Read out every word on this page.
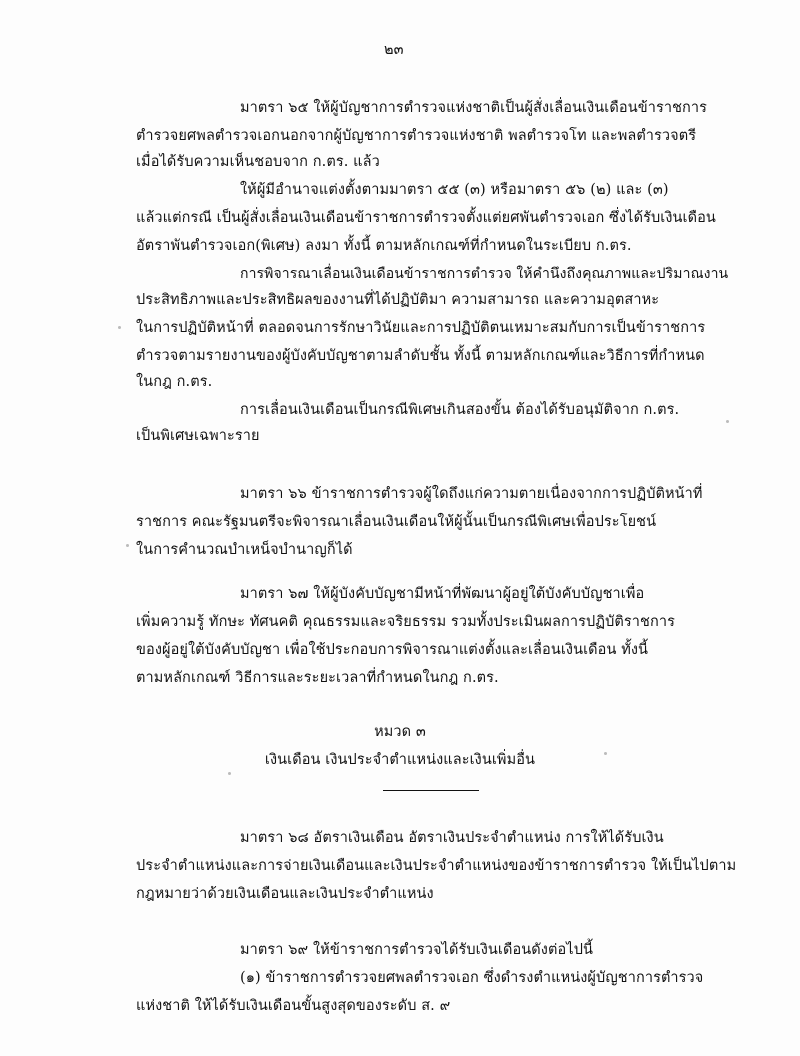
๒๓
มาตรา ๖๕ ให้ผู้บัญชาการตำรวจแห่งชาติเป็นผู้สั่งเลื่อนเงินเดือนข้าราชการ
ตำรวจยศพลตำรวจเอกนอกจากผู้บัญชาการตำรวจแห่งชาติ พลตำรวจโท และพลตำรวจตรี
เมื่อได้รับความเห็นชอบจาก ก.ตร. แล้ว
ให้ผู้มีอำนาจแต่งตั้งตามมาตรา ๕๕ (๓) หรือมาตรา ๕๖ (๒) และ (๓)
แล้วแต่กรณี เป็นผู้สั่งเลื่อนเงินเดือนข้าราชการตำรวจตั้งแต่ยศพันตำรวจเอก ซึ่งได้รับเงินเดือน
อัตราพันตำรวจเอก(พิเศษ) ลงมา ทั้งนี้ ตามหลักเกณฑ์ที่กำหนดในระเบียบ ก.ตร.
การพิจารณาเลื่อนเงินเดือนข้าราชการตำรวจ ให้คำนึงถึงคุณภาพและปริมาณงาน
ประสิทธิภาพและประสิทธิผลของงานที่ได้ปฏิบัติมา ความสามารถ และความอุตสาหะ
ในการปฏิบัติหน้าที่ ตลอดจนการรักษาวินัยและการปฏิบัติตนเหมาะสมกับการเป็นข้าราชการ
ตำรวจตามรายงานของผู้บังคับบัญชาตามลำดับชั้น ทั้งนี้ ตามหลักเกณฑ์และวิธีการที่กำหนด
ในกฎ ก.ตร.
การเลื่อนเงินเดือนเป็นกรณีพิเศษเกินสองขั้น ต้องได้รับอนุมัติจาก ก.ตร.
เป็นพิเศษเฉพาะราย
มาตรา ๖๖ ข้าราชการตำรวจผู้ใดถึงแก่ความตายเนื่องจากการปฏิบัติหน้าที่
ราชการ คณะรัฐมนตรีจะพิจารณาเลื่อนเงินเดือนให้ผู้นั้นเป็นกรณีพิเศษเพื่อประโยชน์
ในการคำนวณบำเหน็จบำนาญก็ได้
มาตรา ๖๗ ให้ผู้บังคับบัญชามีหน้าที่พัฒนาผู้อยู่ใต้บังคับบัญชาเพื่อ
เพิ่มความรู้ ทักษะ ทัศนคติ คุณธรรมและจริยธรรม รวมทั้งประเมินผลการปฏิบัติราชการ
ของผู้อยู่ใต้บังคับบัญชา เพื่อใช้ประกอบการพิจารณาแต่งตั้งและเลื่อนเงินเดือน ทั้งนี้
ตามหลักเกณฑ์ วิธีการและระยะเวลาที่กำหนดในกฎ ก.ตร.
หมวด ๓
เงินเดือน เงินประจำตำแหน่งและเงินเพิ่มอื่น
มาตรา ๖๘ อัตราเงินเดือน อัตราเงินประจำตำแหน่ง การให้ได้รับเงิน
ประจำตำแหน่งและการจ่ายเงินเดือนและเงินประจำตำแหน่งของข้าราชการตำรวจ ให้เป็นไปตาม
กฎหมายว่าด้วยเงินเดือนและเงินประจำตำแหน่ง
มาตรา ๖๙ ให้ข้าราชการตำรวจได้รับเงินเดือนดังต่อไปนี้
(๑) ข้าราชการตำรวจยศพลตำรวจเอก ซึ่งดำรงตำแหน่งผู้บัญชาการตำรวจ
แห่งชาติ ให้ได้รับเงินเดือนขั้นสูงสุดของระดับ ส. ๙
